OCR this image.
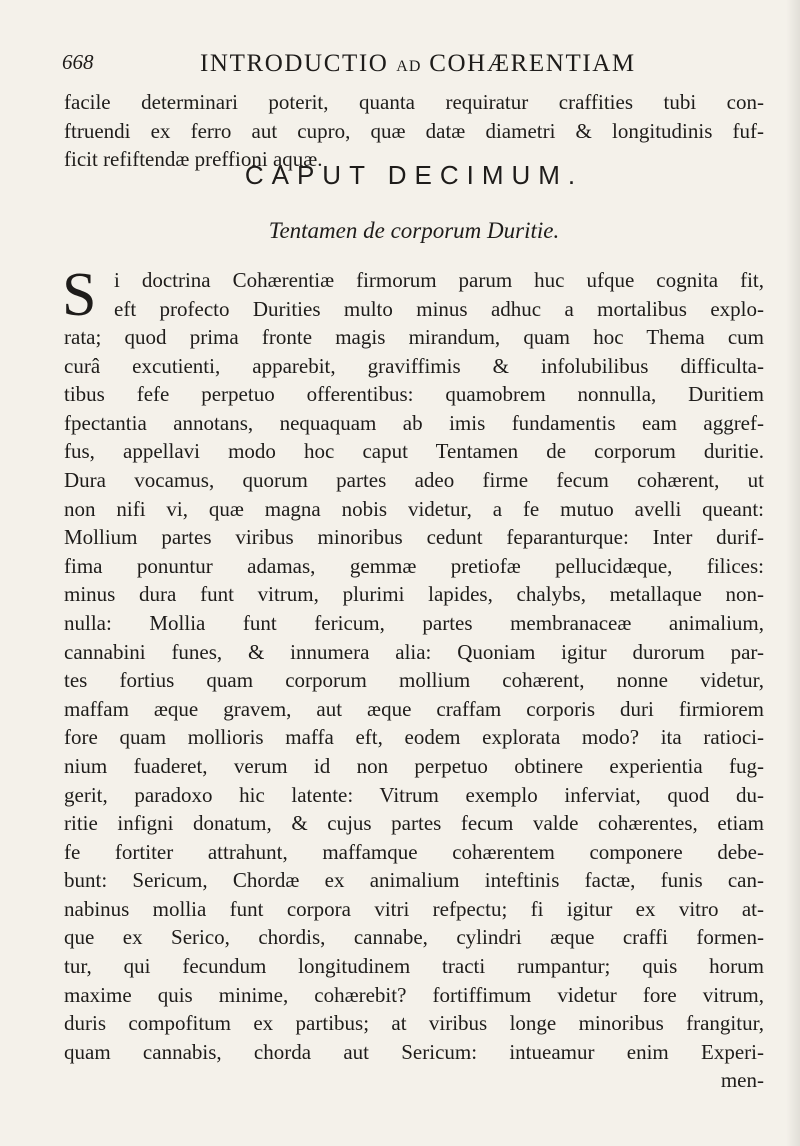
668	INTRODUCTIO AD COHÆRENTIAM
facile determinari poterit, quanta requiratur craffities tubi con-
ftruendi ex ferro aut cupro, quæ datæ diametri & longitudinis fuf-
ficit refiftendæ preffioni aquæ.
CAPUT DECIMUM.
Tentamen de corporum Duritie.
S i doctrina Cohærentiæ firmorum parum huc ufque cognita fit,
eft profecto Durities multo minus adhuc a mortalibus explo-
rata; quod prima fronte magis mirandum, quam hoc Thema cum
curâ excutienti, apparebit, graviffimis & infolubilibus difficulta-
tibus fefe perpetuo offerentibus: quamobrem nonnulla, Duritiem
fpectantia annotans, nequaquam ab imis fundamentis eam aggref-
fus, appellavi modo hoc caput Tentamen de corporum duritie.
Dura vocamus, quorum partes adeo firme fecum cohærent, ut
non nifi vi, quæ magna nobis videtur, a fe mutuo avelli queant:
Mollium partes viribus minoribus cedunt feparanturque: Inter durif-
fima ponuntur adamas, gemmæ pretiofæ pellucidæque, filices:
minus dura funt vitrum, plurimi lapides, chalybs, metallaque non-
nulla: Mollia funt fericum, partes membranaceæ animalium,
cannabini funes, & innumera alia: Quoniam igitur durorum par-
tes fortius quam corporum mollium cohærent, nonne videtur,
maffam æque gravem, aut æque craffam corporis duri firmiorem
fore quam mollioris maffa eft, eodem explorata modo? ita ratioci-
nium fuaderet, verum id non perpetuo obtinere experientia fug-
gerit, paradoxo hic latente: Vitrum exemplo inferviat, quod du-
ritie infigni donatum, & cujus partes fecum valde cohærentes, etiam
fe fortiter attrahunt, maffamque cohærentem componere debe-
bunt: Sericum, Chordæ ex animalium inteftinis factæ, funis can-
nabinus mollia funt corpora vitri refpectu; fi igitur ex vitro at-
que ex Serico, chordis, cannabe, cylindri æque craffi formen-
tur, qui fecundum longitudinem tracti rumpantur; quis horum
maxime quis minime, cohærebit? fortiffimum videtur fore vitrum,
duris compofitum ex partibus; at viribus longe minoribus frangitur,
quam cannabis, chorda aut Sericum: intueamur enim Experi-
men-
